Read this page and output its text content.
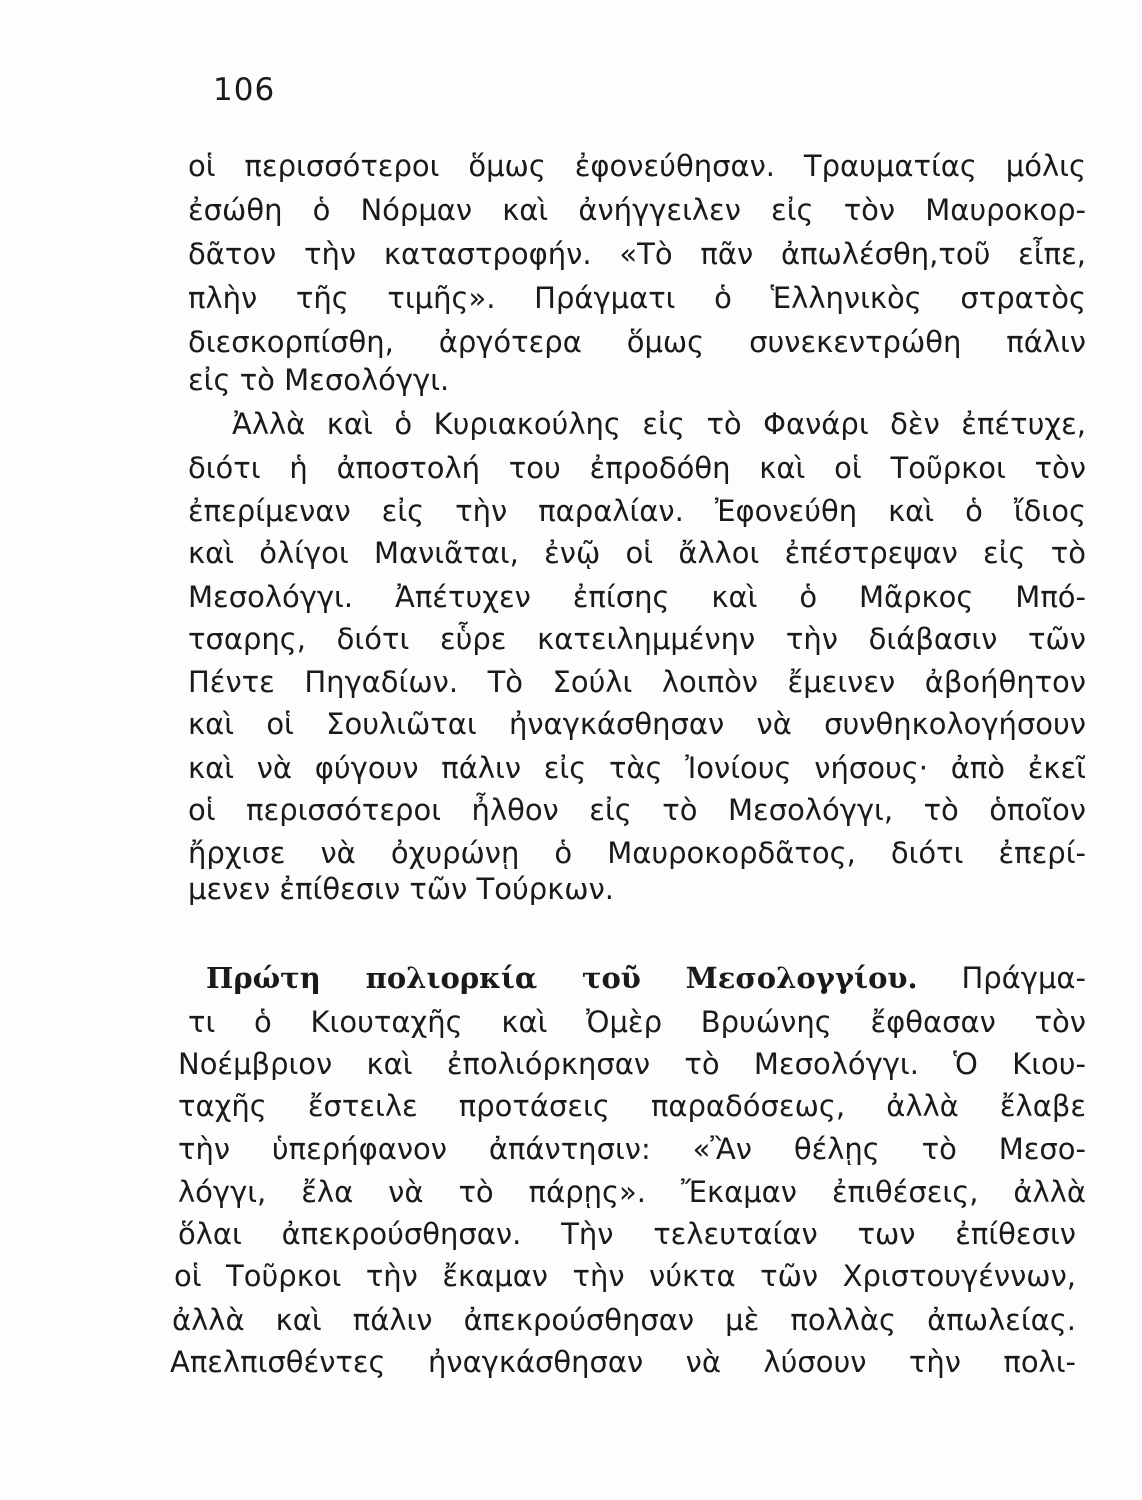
106
οἱ περισσότεροι ὅμως ἐφονεύθησαν. Τραυματίας μόλις
ἐσώθη ὁ Νόρμαν καὶ ἀνήγγειλεν εἰς τὸν Μαυροκορ-
δᾶτον τὴν καταστροφήν. «Τὸ πᾶν ἀπωλέσθη,τοῦ εἶπε,
πλὴν τῆς τιμῆς». Πράγματι ὁ Ἑλληνικὸς στρατὸς
διεσκορπίσθη, ἀργότερα ὅμως συνεκεντρώθη πάλιν
εἰς τὸ Μεσολόγγι.
Ἀλλὰ καὶ ὁ Κυριακούλης εἰς τὸ Φανάρι δὲν ἐπέτυχε,
διότι ἡ ἀποστολή του ἐπροδόθη καὶ οἱ Τοῦρκοι τὸν
ἐπερίμεναν εἰς τὴν παραλίαν. Ἐφονεύθη καὶ ὁ ἴδιος
καὶ ὀλίγοι Μανιᾶται, ἐνῷ οἱ ἄλλοι ἐπέστρεψαν εἰς τὸ
Μεσολόγγι. Ἀπέτυχεν ἐπίσης καὶ ὁ Μᾶρκος Μπό-
τσαρης, διότι εὗρε κατειλημμένην τὴν διάβασιν τῶν
Πέντε Πηγαδίων. Τὸ Σούλι λοιπὸν ἔμεινεν ἀβοήθητον
καὶ οἱ Σουλιῶται ἠναγκάσθησαν νὰ συνθηκολογήσουν
καὶ νὰ φύγουν πάλιν εἰς τὰς Ἰονίους νήσους· ἀπὸ ἐκεῖ
οἱ περισσότεροι ἦλθον εἰς τὸ Μεσολόγγι, τὸ ὁποῖον
ἤρχισε νὰ ὀχυρώνῃ ὁ Μαυροκορδᾶτος, διότι ἐπερί-
μενεν ἐπίθεσιν τῶν Τούρκων.
Πρώτη πολιορκία τοῦ Μεσολογγίου. Πράγμα-
τι ὁ Κιουταχῆς καὶ Ὀμὲρ Βρυώνης ἔφθασαν τὸν
Νοέμβριον καὶ ἐπολιόρκησαν τὸ Μεσολόγγι. Ὁ Κιου-
ταχῆς ἔστειλε προτάσεις παραδόσεως, ἀλλὰ ἔλαβε
τὴν ὑπερήφανον ἀπάντησιν: «Ἂν θέλῃς τὸ Μεσο-
λόγγι, ἔλα νὰ τὸ πάρῃς». Ἔκαμαν ἐπιθέσεις, ἀλλὰ
ὅλαι ἀπεκρούσθησαν. Τὴν τελευταίαν των ἐπίθεσιν
οἱ Τοῦρκοι τὴν ἔκαμαν τὴν νύκτα τῶν Χριστουγέννων,
ἀλλὰ καὶ πάλιν ἀπεκρούσθησαν μὲ πολλὰς ἀπωλείας.
Απελπισθέντες ἠναγκάσθησαν νὰ λύσουν τὴν πολι-
